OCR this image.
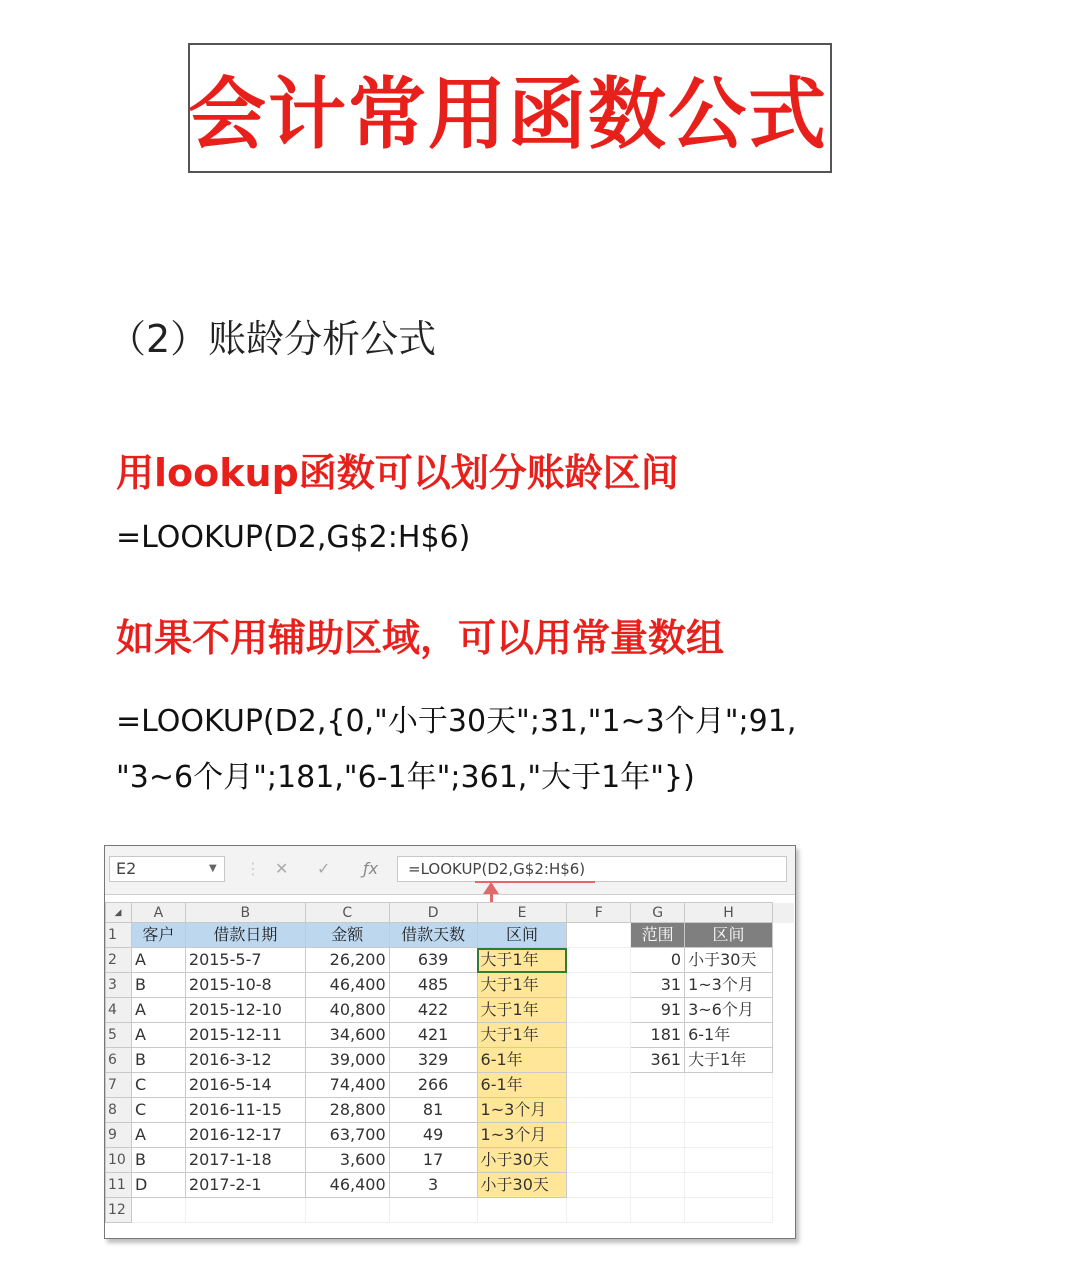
会计常用函数公式
（2）账龄分析公式
用lookup函数可以划分账龄区间
=LOOKUP(D2,G$2:H$6)
如果不用辅助区域，可以用常量数组
=LOOKUP(D2,{0,"小于30天";31,"1~3个月";91,
"3~6个月";181,"6-1年";361,"大于1年"})
E2	▼ ⋮ ✕ ✓ ƒx	=LOOKUP(D2,G$2:H$6)
◢	A	B	C	D	E	F	G	H	
1	客户	借款日期	金额	借款天数	区间		范围	区间	
2	A	2015-5-7	26,200	639	大于1年		0	小于30天	
3	B	2015-10-8	46,400	485	大于1年		31	1~3个月	
4	A	2015-12-10	40,800	422	大于1年		91	3~6个月	
5	A	2015-12-11	34,600	421	大于1年		181	6-1年	
6	B	2016-3-12	39,000	329	6-1年		361	大于1年	
7	C	2016-5-14	74,400	266	6-1年				
8	C	2016-11-15	28,800	81	1~3个月				
9	A	2016-12-17	63,700	49	1~3个月				
10	B	2017-1-18	3,600	17	小于30天				
11	D	2017-2-1	46,400	3	小于30天				
12									
